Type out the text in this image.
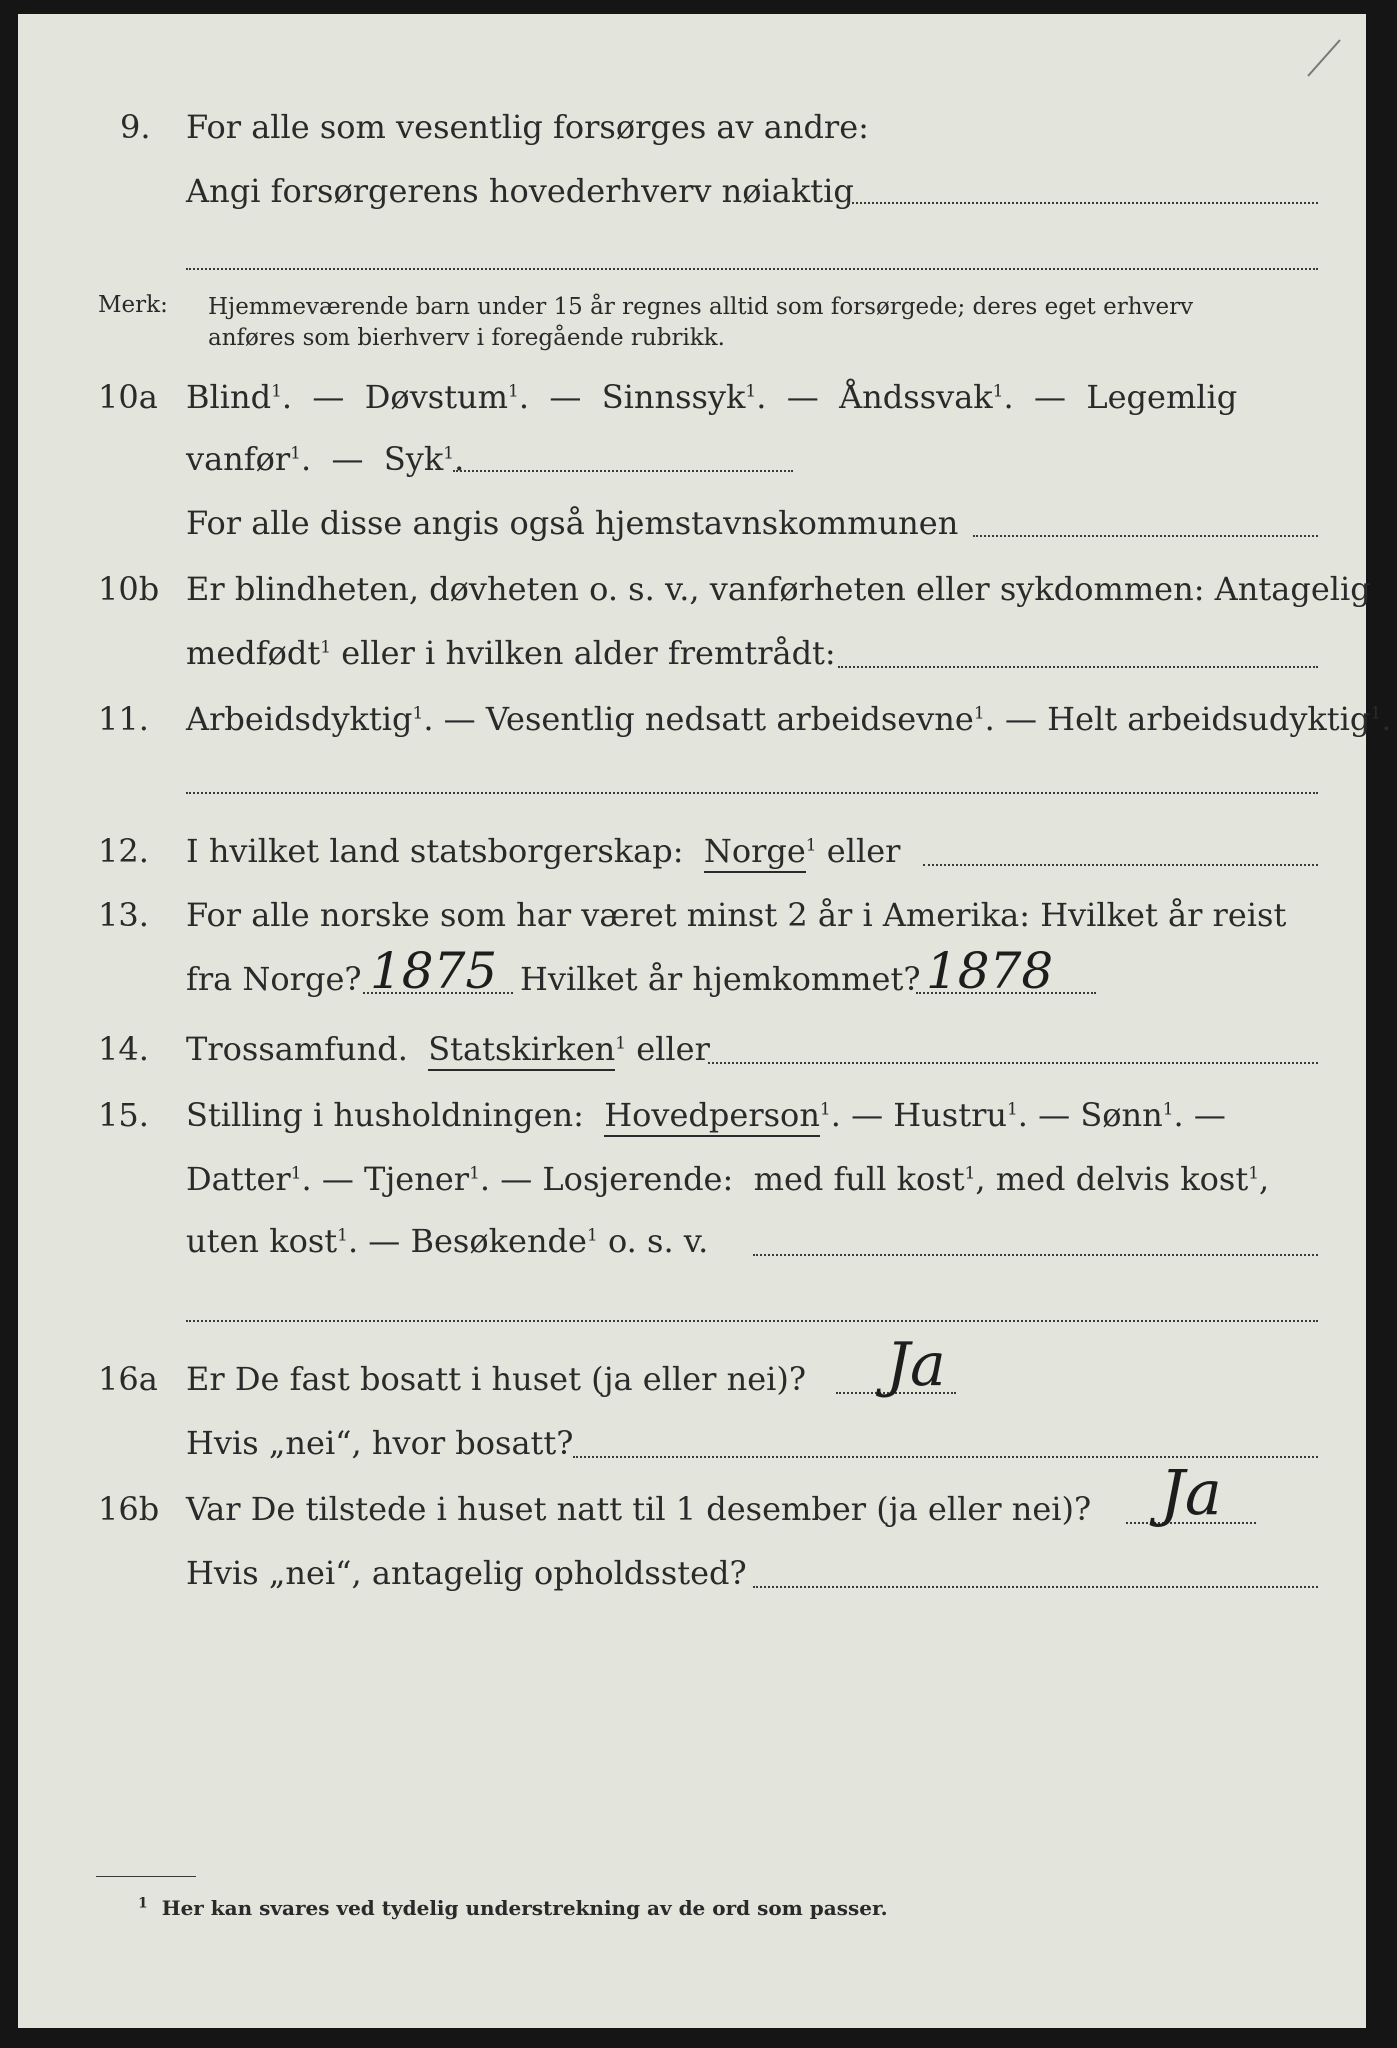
9. For alle som vesentlig forsørges av andre:
Angi forsørgerens hovederhverv nøiaktig
Merk: Hjemmeværende barn under 15 år regnes alltid som forsørgede; deres eget erhverv
anføres som bierhverv i foregående rubrikk.
10a Blind$^1$.  —  Døvstum$^1$.  —  Sinnssyk$^1$.  —  Åndssvak$^1$.  —  Legemlig
vanfør$^1$.  —  Syk$^1$.
For alle disse angis også hjemstavnskommunen
10b Er blindheten, døvheten o. s. v., vanførheten eller sykdommen: Antagelig
medfødt$^1$ eller i hvilken alder fremtrådt:
11. Arbeidsdyktig$^1$. — Vesentlig nedsatt arbeidsevne$^1$. — Helt arbeidsudyktig$^1$.
12. I hvilket land statsborgerskap: Norge$^1$ eller
13. For alle norske som har været minst 2 år i Amerika: Hvilket år reist
fra Norge? 1875 Hvilket år hjemkommet? 1878
14. Trossamfund. Statskirken$^1$ eller
15. Stilling i husholdningen: Hovedperson$^1$. — Hustru$^1$. — Sønn$^1$. —
Datter$^1$. — Tjener$^1$. — Losjerende: med full kost$^1$, med delvis kost$^1$,
uten kost$^1$. — Besøkende$^1$ o. s. v.
16a Er De fast bosatt i huset (ja eller nei)? Ja
Hvis „nei“, hvor bosatt?
16b Var De tilstede i huset natt til 1 desember (ja eller nei)? Ja
Hvis „nei“, antagelig opholdssted?
$^1$ Her kan svares ved tydelig understrekning av de ord som passer.
